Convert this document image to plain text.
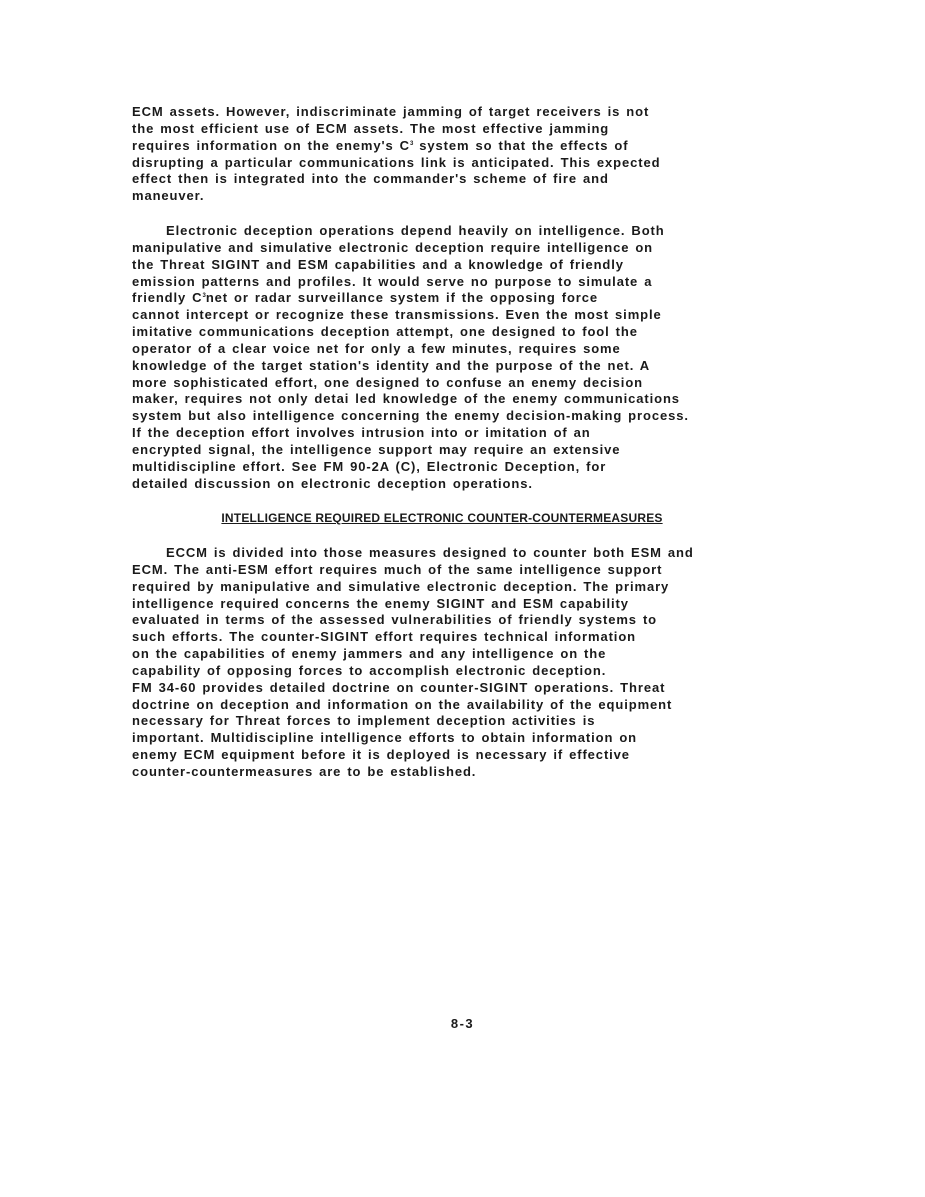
ECM assets. However, indiscriminate jamming of target receivers is not
the most efficient use of ECM assets. The most effective jamming
requires information on the enemy's $C^3$ system so that the effects of
disrupting a particular communications link is anticipated. This expected
effect then is integrated into the commander's scheme of fire and
maneuver.
Electronic deception operations depend heavily on intelligence. Both
manipulative and simulative electronic deception require intelligence on
the Threat SIGINT and ESM capabilities and a knowledge of friendly
emission patterns and profiles. It would serve no purpose to simulate a
friendly $C^3net$ or radar surveillance system if the opposing force
cannot intercept or recognize these transmissions. Even the most simple
imitative communications deception attempt, one designed to fool the
operator of a clear voice net for only a few minutes, requires some
knowledge of the target station's identity and the purpose of the net. A
more sophisticated effort, one designed to confuse an enemy decision
maker, requires not only detai led knowledge of the enemy communications
system but also intelligence concerning the enemy decision-making process.
If the deception effort involves intrusion into or imitation of an
encrypted signal, the intelligence support may require an extensive
multidiscipline effort. See FM 90-2A (C), Electronic Deception, for
detailed discussion on electronic deception operations.
INTELLIGENCE REQUIRED ELECTRONIC COUNTER-COUNTERMEASURES
ECCM is divided into those measures designed to counter both ESM and
ECM. The anti-ESM effort requires much of the same intelligence support
required by manipulative and simulative electronic deception. The primary
intelligence required concerns the enemy SIGINT and ESM capability
evaluated in terms of the assessed vulnerabilities of friendly systems to
such efforts. The counter-SIGINT effort requires technical information
on the capabilities of enemy jammers and any intelligence on the
capability of opposing forces to accomplish electronic deception.
FM 34-60 provides detailed doctrine on counter-SIGINT operations. Threat
doctrine on deception and information on the availability of the equipment
necessary for Threat forces to implement deception activities is
important. Multidiscipline intelligence efforts to obtain information on
enemy ECM equipment before it is deployed is necessary if effective
counter-countermeasures are to be established.
8-3
